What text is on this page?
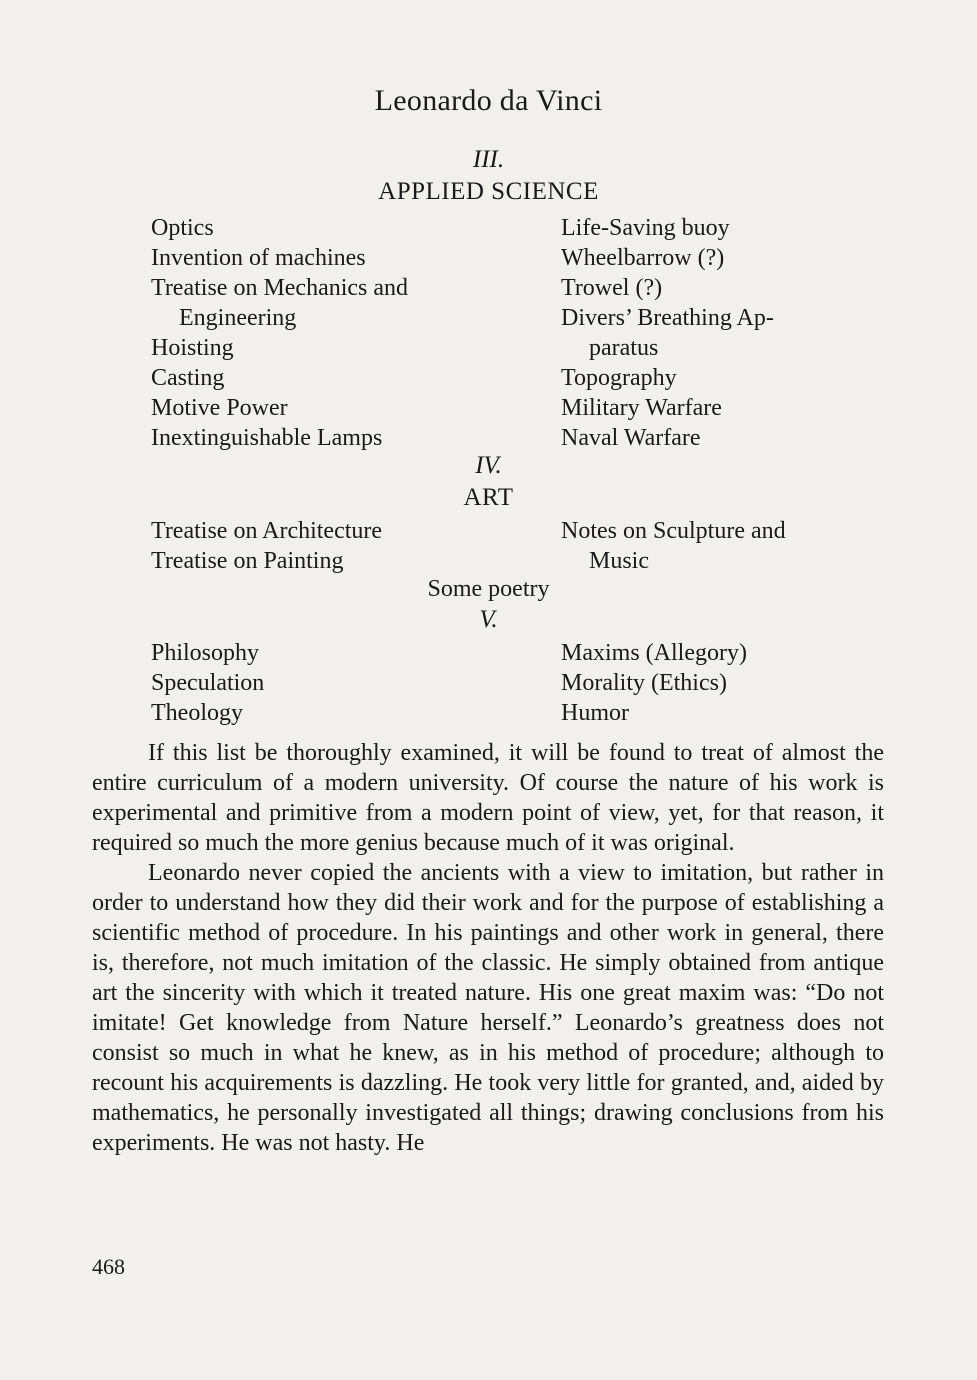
Leonardo da Vinci
III.
APPLIED SCIENCE
Optics
Invention of machines
Treatise on Mechanics and
Engineering
Hoisting
Casting
Motive Power
Inextinguishable Lamps
Life-Saving buoy
Wheelbarrow (?)
Trowel (?)
Divers’ Breathing Ap-
paratus
Topography
Military Warfare
Naval Warfare
IV.
ART
Treatise on Architecture
Treatise on Painting
Notes on Sculpture and
Music
Some poetry
V.
Philosophy
Speculation
Theology
Maxims (Allegory)
Morality (Ethics)
Humor

If this list be thoroughly examined, it will be found to treat of almost the entire curriculum of a modern university. Of course the nature of his work is experimental and primitive from a modern point of view, yet, for that reason, it required so much the more genius because much of it was original.

Leonardo never copied the ancients with a view to imitation, but rather in order to understand how they did their work and for the purpose of establishing a scientific method of procedure. In his paintings and other work in general, there is, therefore, not much imitation of the classic. He simply obtained from antique art the sincerity with which it treated nature. His one great maxim was: “Do not imitate! Get knowledge from Nature herself.” Leonardo’s greatness does not consist so much in what he knew, as in his method of procedure; although to recount his acquirements is dazzling. He took very little for granted, and, aided by mathematics, he personally investigated all things; drawing conclusions from his experiments. He was not hasty. He

468
